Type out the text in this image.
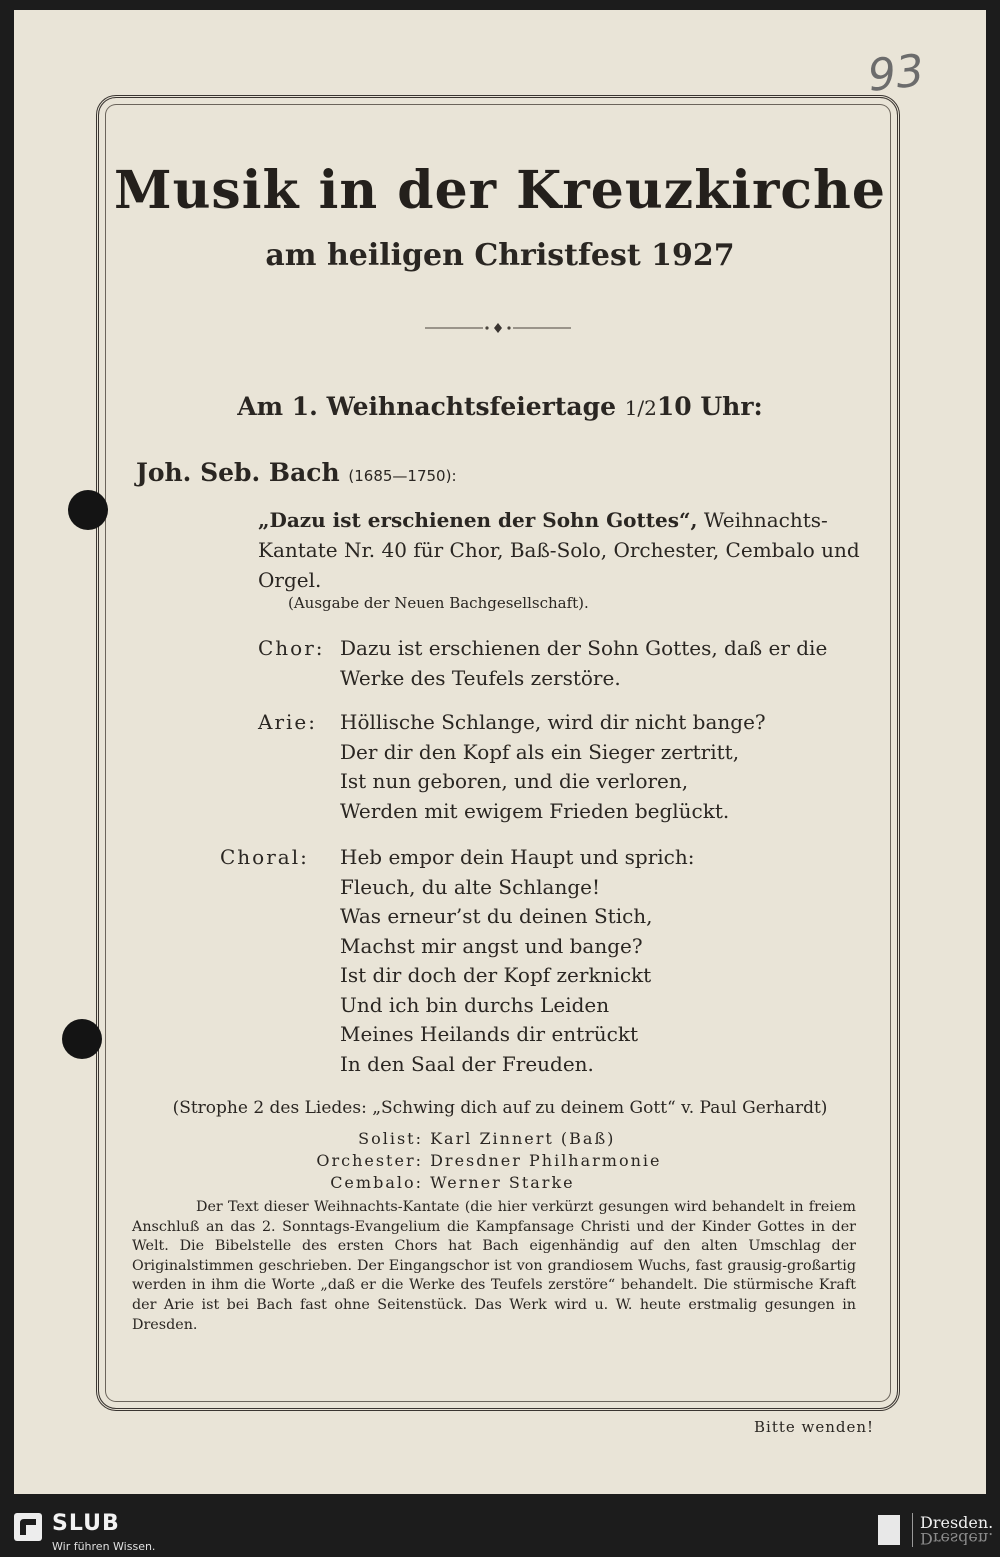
93
Musik in der Kreuzkirche
am heiligen Christfest 1927
Am 1. Weihnachtsfeiertage 1/210 Uhr:
Joh. Seb. Bach (1685—1750):
„Dazu ist erschienen der Sohn Gottes“, Weihnachts-Kantate Nr. 40 für Chor, Baß-Solo, Orchester, Cembalo und Orgel.
(Ausgabe der Neuen Bachgesellschaft).
Chor: Dazu ist erschienen der Sohn Gottes, daß er die
Werke des Teufels zerstöre.
Arie: Höllische Schlange, wird dir nicht bange?
Der dir den Kopf als ein Sieger zertritt,
Ist nun geboren, und die verloren,
Werden mit ewigem Frieden beglückt.
Choral: Heb empor dein Haupt und sprich:
Fleuch, du alte Schlange!
Was erneur’st du deinen Stich,
Machst mir angst und bange?
Ist dir doch der Kopf zerknickt
Und ich bin durchs Leiden
Meines Heilands dir entrückt
In den Saal der Freuden.
(Strophe 2 des Liedes: „Schwing dich auf zu deinem Gott“ v. Paul Gerhardt)
Solist: Karl Zinnert (Baß)
Orchester: Dresdner Philharmonie
Cembalo: Werner Starke
Der Text dieser Weihnachts-Kantate (die hier verkürzt gesungen wird behandelt in freiem Anschluß an das 2. Sonntags-Evangelium die Kampfansage Christi und der Kinder Gottes in der Welt. Die Bibelstelle des ersten Chors hat Bach eigenhändig auf den alten Umschlag der Originalstimmen geschrieben. Der Eingangschor ist von grandiosem Wuchs, fast grausig-großartig werden in ihm die Worte „daß er die Werke des Teufels zerstöre“ behandelt. Die stürmische Kraft der Arie ist bei Bach fast ohne Seitenstück. Das Werk wird u. W. heute erstmalig gesungen in Dresden.
Bitte wenden!
SLUB
Wir führen Wissen.
Dresden.
Dresden.
